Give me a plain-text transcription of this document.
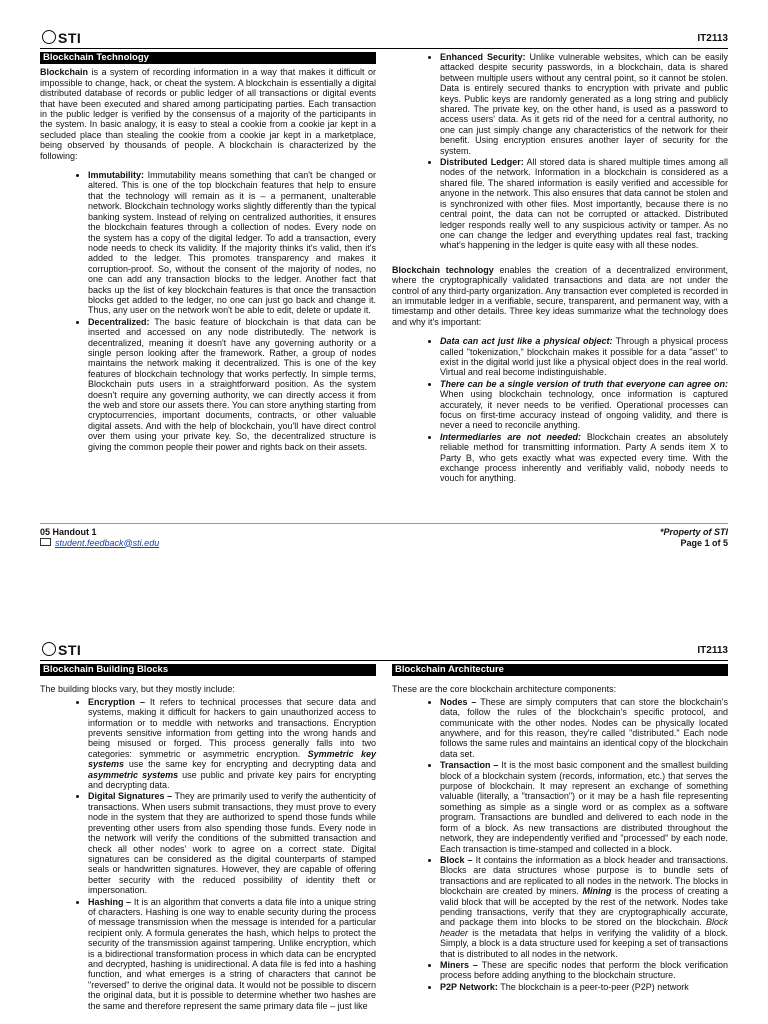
STI	IT2113
Blockchain Technology

Blockchain is a system of recording information in a way that makes it difficult or impossible to change, hack, or cheat the system. A blockchain is essentially a digital distributed database of records or public ledger of all transactions or digital events that have been executed and shared among participating parties. Each transaction in the public ledger is verified by the consensus of a majority of the participants in the system. In basic analogy, it is easy to steal a cookie from a cookie jar kept in a secluded place than stealing the cookie from a cookie jar kept in a marketplace, being observed by thousands of people. A blockchain is characterized by the following:

• Immutability: Immutability means something that can't be changed or altered. This is one of the top blockchain features that help to ensure that the technology will remain as it is – a permanent, unalterable network. Blockchain technology works slightly differently than the typical banking system. Instead of relying on centralized authorities, it ensures the blockchain features through a collection of nodes. Every node on the system has a copy of the digital ledger. To add a transaction, every node needs to check its validity. If the majority thinks it's valid, then it's added to the ledger. This promotes transparency and makes it corruption-proof. So, without the consent of the majority of nodes, no one can add any transaction blocks to the ledger. Another fact that backs up the list of key blockchain features is that once the transaction blocks get added to the ledger, no one can just go back and change it. Thus, any user on the network won't be able to edit, delete or update it.
• Decentralized: The basic feature of blockchain is that data can be inserted and accessed on any node distributedly. The network is decentralized, meaning it doesn't have any governing authority or a single person looking after the framework. Rather, a group of nodes maintains the network making it decentralized. This is one of the key features of blockchain technology that works perfectly. In simple terms, Blockchain puts users in a straightforward position. As the system doesn't require any governing authority, we can directly access it from the web and store our assets there. You can store anything starting from cryptocurrencies, important documents, contracts, or other valuable digital assets. And with the help of blockchain, you'll have direct control over them using your private key. So, the decentralized structure is giving the common people their power and rights back on their assets.
• Enhanced Security: Unlike vulnerable websites, which can be easily attacked despite security passwords, in a blockchain, data is shared between multiple users without any central point, so it cannot be stolen. Data is entirely secured thanks to encryption with private and public keys. Public keys are randomly generated as a long string and publicly shared. The private key, on the other hand, is used as a password to access users' data. As it gets rid of the need for a central authority, no one can just simply change any characteristics of the network for their benefit. Using encryption ensures another layer of security for the system.
• Distributed Ledger: All stored data is shared multiple times among all nodes of the network. Information in a blockchain is considered as a shared file. The shared information is easily verified and accessible for anyone in the network. This also ensures that data cannot be stolen and is synchronized with other files. Most importantly, because there is no central point, the data can not be corrupted or attacked. Distributed ledger responds really well to any suspicious activity or tamper. As no one can change the ledger and everything updates real fast, tracking what's happening in the ledger is quite easy with all these nodes.

Blockchain technology enables the creation of a decentralized environment, where the cryptographically validated transactions and data are not under the control of any third-party organization. Any transaction ever completed is recorded in an immutable ledger in a verifiable, secure, transparent, and permanent way, with a timestamp and other details. Three key ideas summarize what the technology does and why it's important:

• Data can act just like a physical object: Through a physical process called "tokenization," blockchain makes it possible for a data "asset" to exist in the digital world just like a physical object does in the real world. Virtual and real become indistinguishable.
• There can be a single version of truth that everyone can agree on: When using blockchain technology, once information is captured accurately, it never needs to be verified. Operational processes can focus on first-time accuracy instead of ongoing validity, and there is never a need to reconcile anything.
• Intermediaries are not needed: Blockchain creates an absolutely reliable method for transmitting information. Party A sends item X to Party B, who gets exactly what was expected every time. With the exchange process inherently and verifiably valid, nobody needs to vouch for anything.
05 Handout 1
student.feedback@sti.edu
*Property of STI
Page 1 of 5
STI	IT2113
Blockchain Building Blocks

The building blocks vary, but they mostly include:

• Encryption – It refers to technical processes that secure data and systems, making it difficult for hackers to gain unauthorized access to information or to meddle with networks and transactions. Encryption prevents sensitive information from getting into the wrong hands and being misused or forged. This process generally falls into two categories: symmetric or asymmetric encryption. Symmetric key systems use the same key for encrypting and decrypting data and asymmetric systems use public and private key pairs for encrypting and decrypting data.
• Digital Signatures – They are primarily used to verify the authenticity of transactions. When users submit transactions, they must prove to every node in the system that they are authorized to spend those funds while preventing other users from also spending those funds. Every node in the network will verify the conditions of the submitted transaction and check all other nodes' work to agree on a correct state. Digital signatures can be considered as the digital counterparts of stamped seals or handwritten signatures. However, they are capable of offering better security with the reduced possibility of identity theft or impersonation.
• Hashing – It is an algorithm that converts a data file into a unique string of characters. Hashing is one way to enable security during the process of message transmission when the message is intended for a particular recipient only. A formula generates the hash, which helps to protect the security of the transmission against tampering. Unlike encryption, which is a bidirectional transformation process in which data can be encrypted and decrypted, hashing is unidirectional. A data file is fed into a hashing function, and what emerges is a string of characters that cannot be "reversed" to derive the original data. It would not be possible to discern the original data, but it is possible to determine whether two hashes are the same and therefore represent the same primary data file – just like
Blockchain Architecture

These are the core blockchain architecture components:

• Nodes – These are simply computers that can store the blockchain's data, follow the rules of the blockchain's specific protocol, and communicate with the other nodes. Nodes can be physically located anywhere, and for this reason, they're called "distributed." Each node follows the same rules and maintains an identical copy of the blockchain data set.
• Transaction – It is the most basic component and the smallest building block of a blockchain system (records, information, etc.) that serves the purpose of blockchain. It may represent an exchange of something valuable (literally, a "transaction") or it may be a hash file representing something as simple as a single word or as complex as a software program. Transactions are bundled and delivered to each node in the form of a block. As new transactions are distributed throughout the network, they are independently verified and "processed" by each node. Each transaction is time-stamped and collected in a block.
• Block – It contains the information as a block header and transactions. Blocks are data structures whose purpose is to bundle sets of transactions and are replicated to all nodes in the network. The blocks in blockchain are created by miners. Mining is the process of creating a valid block that will be accepted by the rest of the network. Nodes take pending transactions, verify that they are cryptographically accurate, and package them into blocks to be stored on the blockchain. Block header is the metadata that helps in verifying the validity of a block. Simply, a block is a data structure used for keeping a set of transactions that is distributed to all nodes in the network.
• Miners – These are specific nodes that perform the block verification process before adding anything to the blockchain structure.
• P2P Network: The blockchain is a peer-to-peer (P2P) network
